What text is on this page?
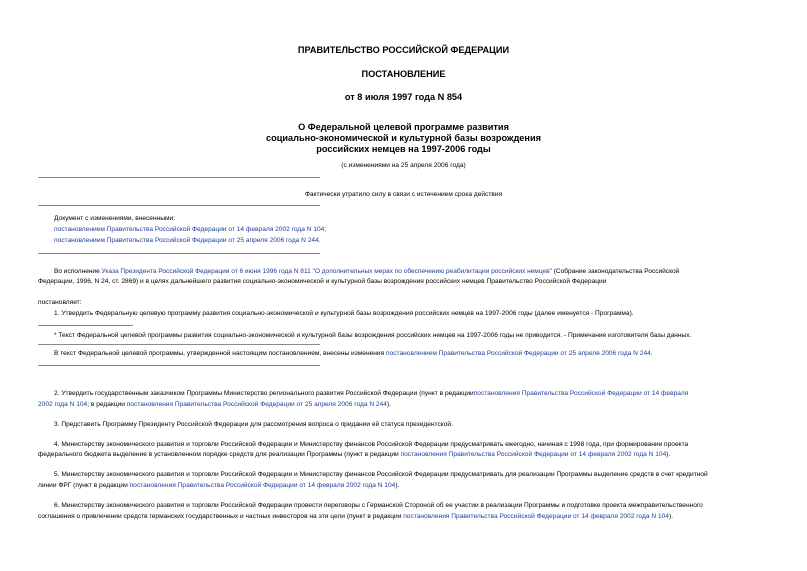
ПРАВИТЕЛЬСТВО РОССИЙСКОЙ ФЕДЕРАЦИИ
ПОСТАНОВЛЕНИЕ
от 8 июля 1997 года N 854
О Федеральной целевой программе развития
социально-экономической и культурной базы возрождения
российских немцев на 1997-2006 годы
(с изменениями на 25 апреля 2006 года)
Фактически утратило силу в связи с истечением срока действия
Документ с изменениями, внесенными:
постановлением Правительства Российской Федерации от 14 февраля 2002 года N 104;
постановлением Правительства Российской Федерации от 25 апреля 2006 года N 244.
Во исполнение Указа Президента Российской Федерации от 6 июня 1996 года N 811 "О дополнительных мерах по обеспечению реабилитации российских немцев" (Собрание законодательства Российской
Федерации, 1996, N 24, ст. 2869) и в целях дальнейшего развития социально-экономической и культурной базы возрождения российских немцев Правительство Российской Федерации
постановляет:
1. Утвердить Федеральную целевую программу развития социально-экономической и культурной базы возрождения российских немцев на 1997-2006 годы (далее именуется - Программа).
* Текст Федеральной целевой программы развития социально-экономической и культурной базы возрождения российских немцев на 1997-2006 годы не приводится. - Примечание изготовителя базы данных.
В текст Федеральной целевой программы, утвержденной настоящим постановлением, внесены изменения постановлением Правительства Российской Федерации от 25 апреля 2006 года N 244.
2. Утвердить государственным заказчиком Программы Министерство регионального развития Российской Федерации (пункт в редакциипостановления Правительства Российской Федерации от 14 февраля
2002 года N 104; в редакции постановления Правительства Российской Федерации от 25 апреля 2006 года N 244).
3. Представить Программу Президенту Российской Федерации для рассмотрения вопроса о придании ей статуса президентской.
4. Министерству экономического развития и торговли Российской Федерации и Министерству финансов Российской Федерации предусматривать ежегодно, начиная с 1998 года, при формировании проекта
федерального бюджета выделение в установленном порядке средств для реализации Программы (пункт в редакции постановления Правительства Российской Федерации от 14 февраля 2002 года N 104).
5. Министерству экономического развития и торговли Российской Федерации и Министерству финансов Российской Федерации предусматривать для реализации Программы выделение средств в счет кредитной
линии ФРГ (пункт в редакции постановления Правительства Российской Федерации от 14 февраля 2002 года N 104).
6. Министерству экономического развития и торговли Российской Федерации провести переговоры с Германской Стороной об ее участии в реализации Программы и подготовке проекта межправительственного
соглашения о привлечении средств германских государственных и частных инвесторов на эти цели (пункт в редакции постановления Правительства Российской Федерации от 14 февраля 2002 года N 104).
